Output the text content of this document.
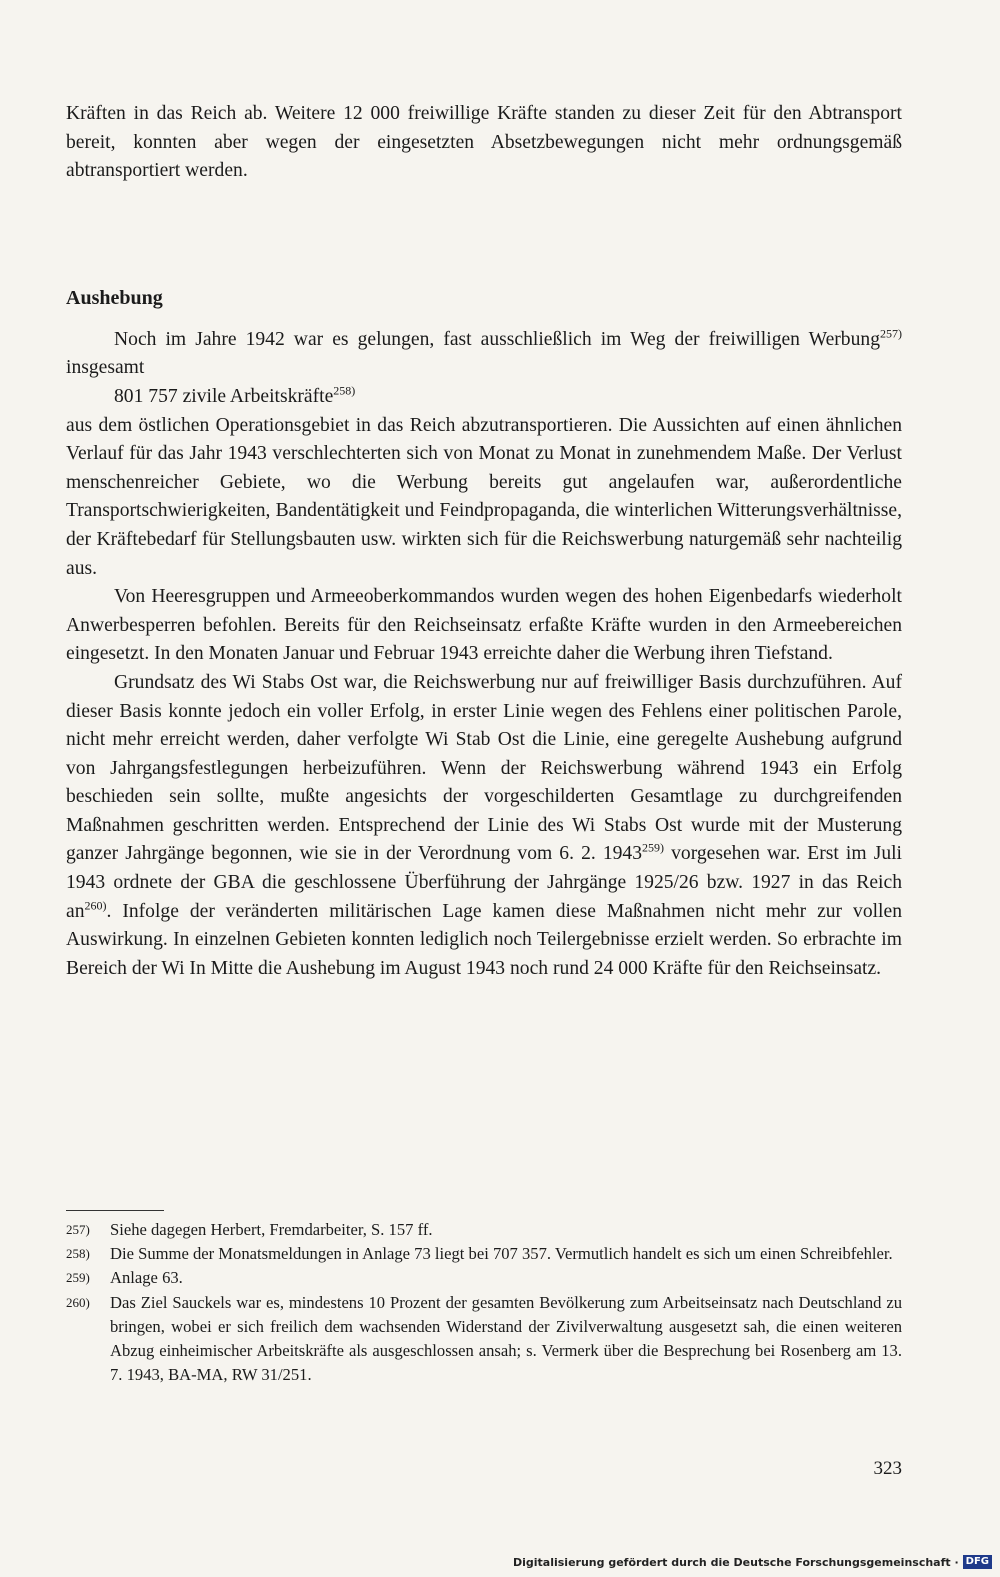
Kräften in das Reich ab. Weitere 12 000 freiwillige Kräfte standen zu dieser Zeit für den Abtransport bereit, konnten aber wegen der eingesetzten Absetzbewegungen nicht mehr ordnungsgemäß abtransportiert werden.

Aushebung

Noch im Jahre 1942 war es gelungen, fast ausschließlich im Weg der freiwilligen Werbung$^{257)}$ insgesamt

801 757 zivile Arbeitskräfte$^{258)}$

aus dem östlichen Operationsgebiet in das Reich abzutransportieren. Die Aussichten auf einen ähnlichen Verlauf für das Jahr 1943 verschlechterten sich von Monat zu Monat in zunehmendem Maße. Der Verlust menschenreicher Gebiete, wo die Werbung bereits gut angelaufen war, außerordentliche Transportschwierigkeiten, Bandentätigkeit und Feindpropaganda, die winterlichen Witterungsverhältnisse, der Kräftebedarf für Stellungsbauten usw. wirkten sich für die Reichswerbung naturgemäß sehr nachteilig aus.

Von Heeresgruppen und Armeeoberkommandos wurden wegen des hohen Eigenbedarfs wiederholt Anwerbesperren befohlen. Bereits für den Reichseinsatz erfaßte Kräfte wurden in den Armeebereichen eingesetzt. In den Monaten Januar und Februar 1943 erreichte daher die Werbung ihren Tiefstand.

Grundsatz des Wi Stabs Ost war, die Reichswerbung nur auf freiwilliger Basis durchzuführen. Auf dieser Basis konnte jedoch ein voller Erfolg, in erster Linie wegen des Fehlens einer politischen Parole, nicht mehr erreicht werden, daher verfolgte Wi Stab Ost die Linie, eine geregelte Aushebung aufgrund von Jahrgangsfestlegungen herbeizuführen. Wenn der Reichswerbung während 1943 ein Erfolg beschieden sein sollte, mußte angesichts der vorgeschilderten Gesamtlage zu durchgreifenden Maßnahmen geschritten werden. Entsprechend der Linie des Wi Stabs Ost wurde mit der Musterung ganzer Jahrgänge begonnen, wie sie in der Verordnung vom 6. 2. 1943$^{259)}$ vorgesehen war. Erst im Juli 1943 ordnete der GBA die geschlossene Überführung der Jahrgänge 1925/26 bzw. 1927 in das Reich $an^{260)}$. Infolge der veränderten militärischen Lage kamen diese Maßnahmen nicht mehr zur vollen Auswirkung. In einzelnen Gebieten konnten lediglich noch Teilergebnisse erzielt werden. So erbrachte im Bereich der Wi In Mitte die Aushebung im August 1943 noch rund 24 000 Kräfte für den Reichseinsatz.

257)	Siehe dagegen Herbert, Fremdarbeiter, S. 157 ff.
258)	Die Summe der Monatsmeldungen in Anlage 73 liegt bei 707 357. Vermutlich handelt es sich um einen Schreibfehler.
259)	Anlage 63.
260)	Das Ziel Sauckels war es, mindestens 10 Prozent der gesamten Bevölkerung zum Arbeitseinsatz nach Deutschland zu bringen, wobei er sich freilich dem wachsenden Widerstand der Zivilverwaltung ausgesetzt sah, die einen weiteren Abzug einheimischer Arbeitskräfte als ausgeschlossen ansah; s. Vermerk über die Besprechung bei Rosenberg am 13. 7. 1943, BA-MA, RW 31/251.
323
Digitalisierung gefördert durch die Deutsche Forschungsgemeinschaft · DFG
